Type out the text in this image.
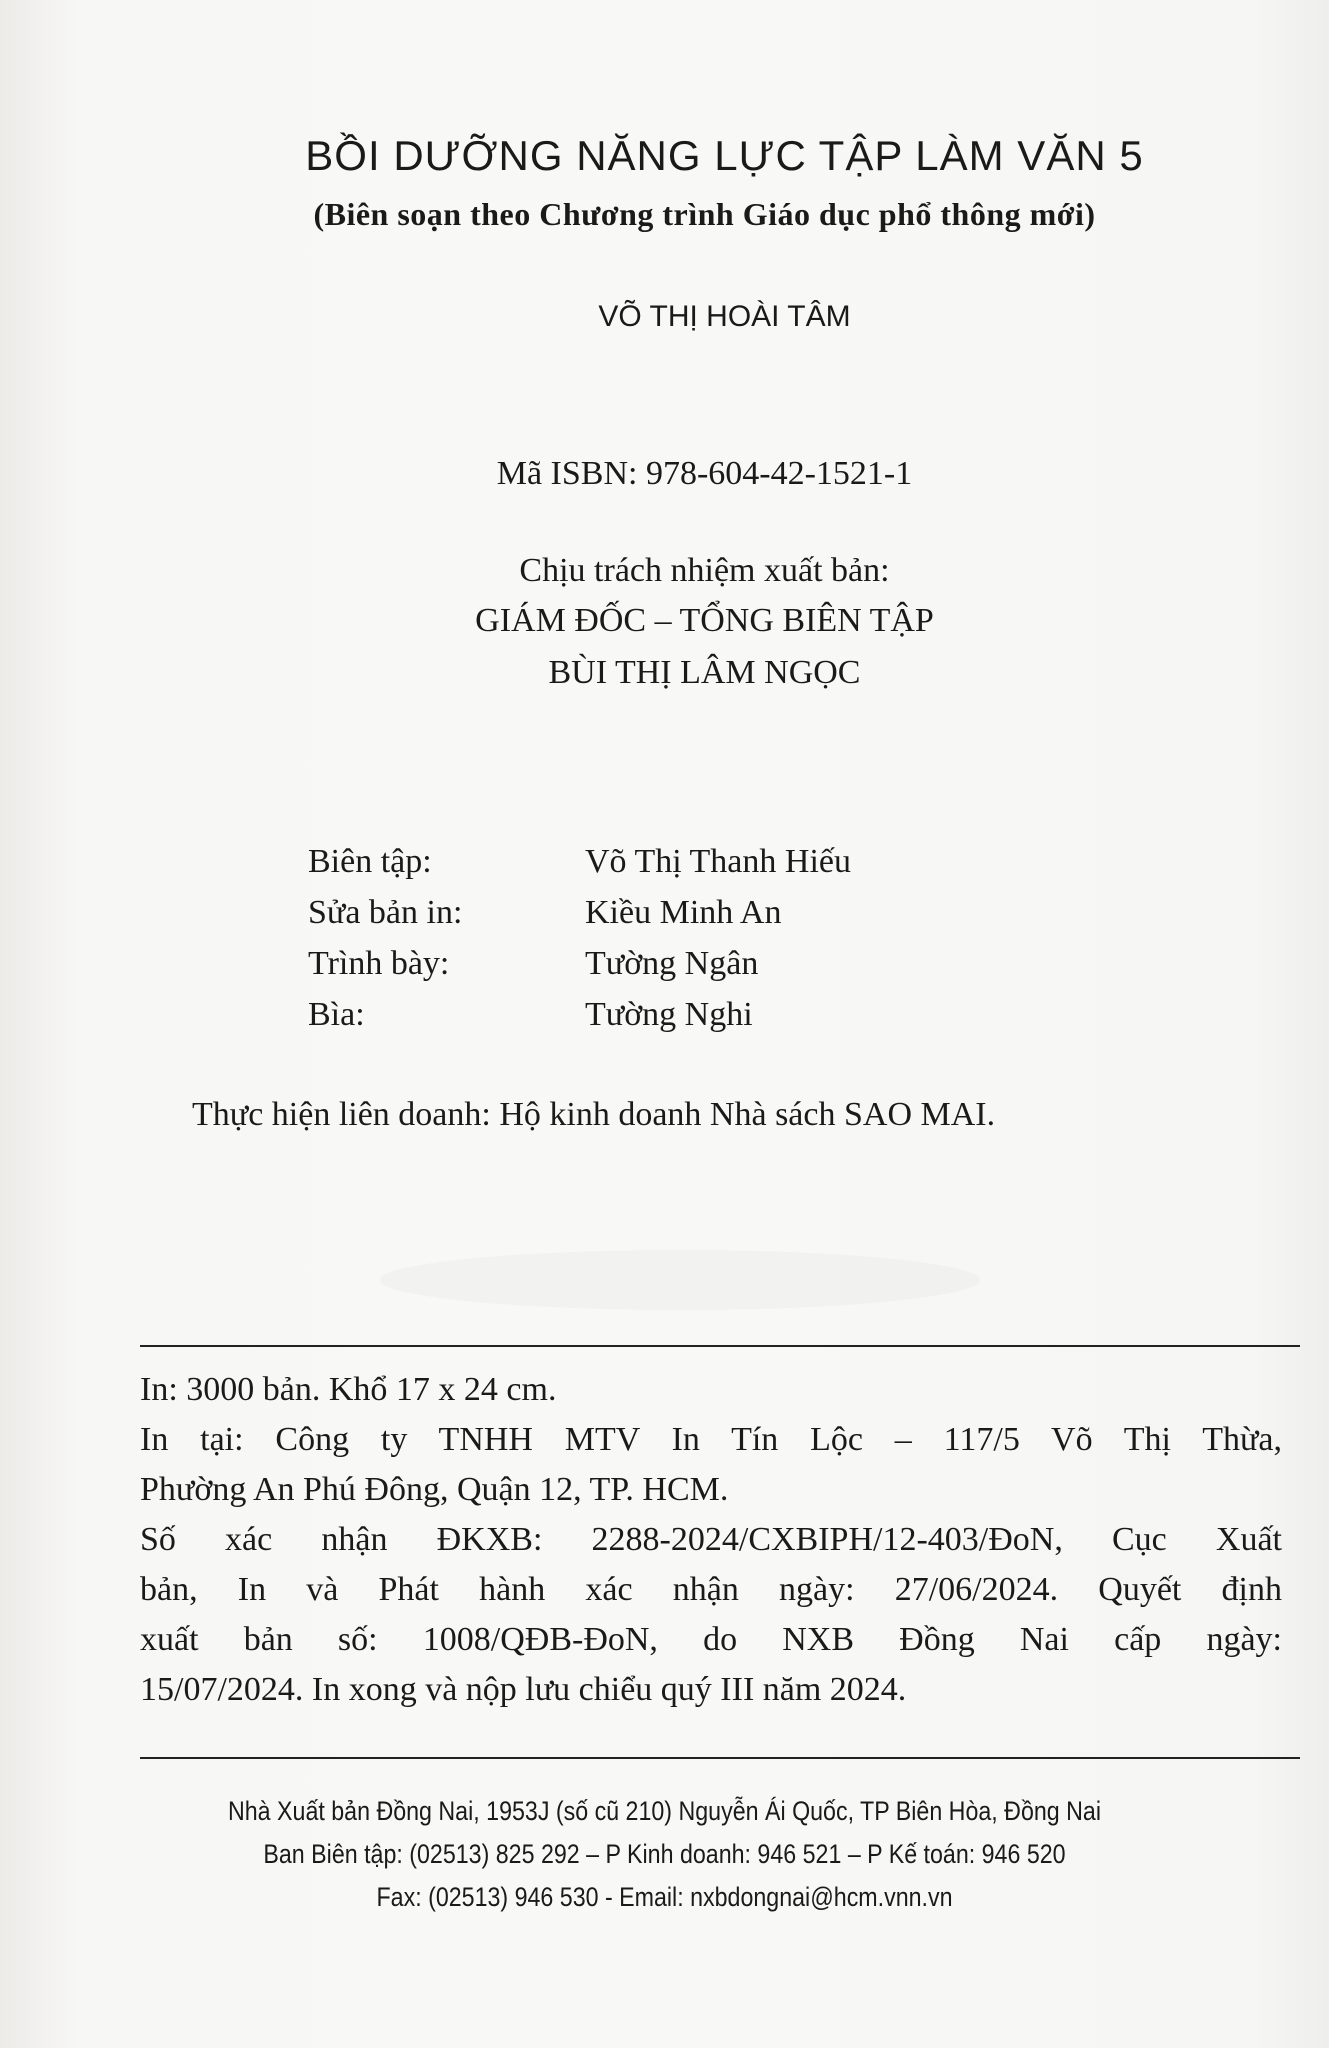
BỒI DƯỠNG NĂNG LỰC TẬP LÀM VĂN 5
(Biên soạn theo Chương trình Giáo dục phổ thông mới)
VÕ THỊ HOÀI TÂM
Mã ISBN: 978-604-42-1521-1
Chịu trách nhiệm xuất bản:
GIÁM ĐỐC – TỔNG BIÊN TẬP
BÙI THỊ LÂM NGỌC
Biên tập:	Võ Thị Thanh Hiếu
Sửa bản in:	Kiều Minh An
Trình bày:	Tường Ngân
Bìa:	Tường Nghi
Thực hiện liên doanh: Hộ kinh doanh Nhà sách SAO MAI.
In: 3000 bản. Khổ 17 x 24 cm.
In tại: Công ty TNHH MTV In Tín Lộc – 117/5 Võ Thị Thừa,
Phường An Phú Đông, Quận 12, TP. HCM.
Số xác nhận ĐKXB: 2288-2024/CXBIPH/12-403/ĐoN, Cục Xuất
bản, In và Phát hành xác nhận ngày: 27/06/2024. Quyết định
xuất bản số: 1008/QĐB-ĐoN, do NXB Đồng Nai cấp ngày:
15/07/2024. In xong và nộp lưu chiểu quý III năm 2024.
Nhà Xuất bản Đồng Nai, 1953J (số cũ 210) Nguyễn Ái Quốc, TP Biên Hòa, Đồng Nai
Ban Biên tập: (02513) 825 292 – P Kinh doanh: 946 521 – P Kế toán: 946 520
Fax: (02513) 946 530 - Email: nxbdongnai@hcm.vnn.vn
